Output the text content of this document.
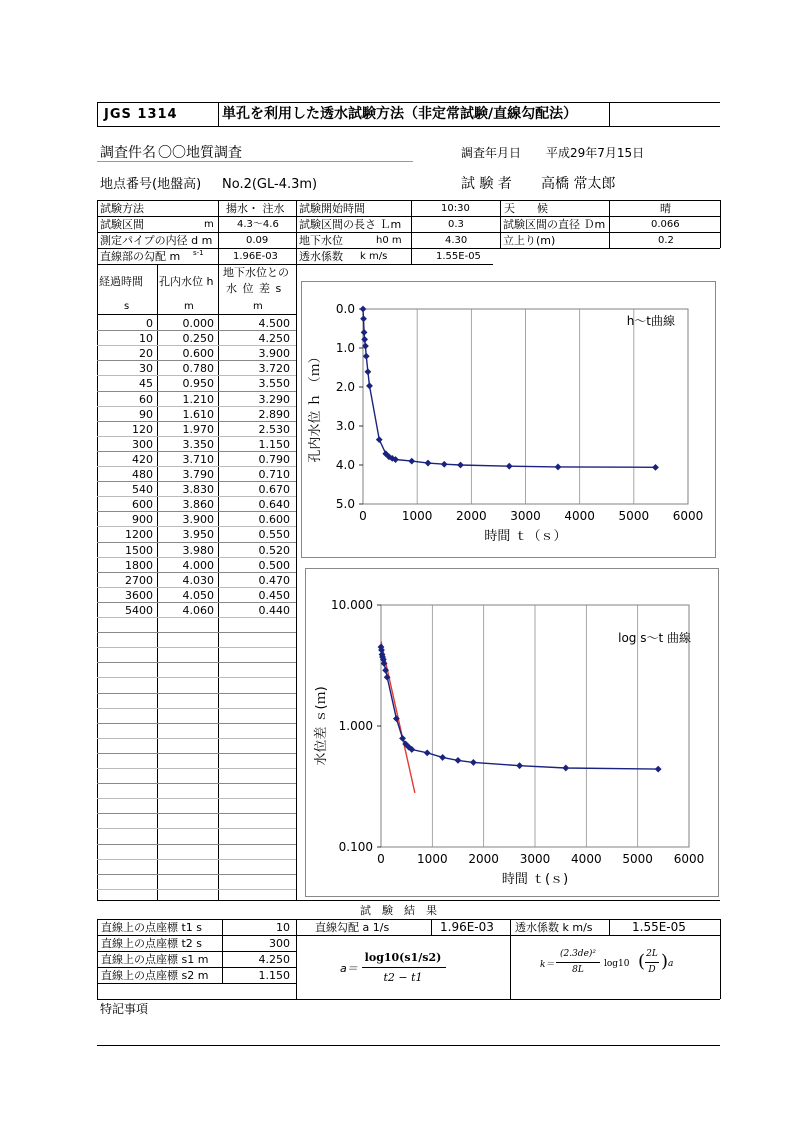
JGS 1314	単孔を利用した透水試験方法（非定常試験/直線勾配法）
調査件名 〇〇地質調査	調査年月日 平成29年7月15日
地点番号(地盤高) No.2(GL-4.3m)	試 験 者 高橋 常太郎
試験方法	揚水・ 注水 試験開始時間	10:30	天　　候	晴
試験区間	m 4.3～4.6 試験区間の長さ Ｌm	0.3	試験区間の直径 Ｄm	0.066
測定パイプの内径 d m	0.09	地下水位	h0 m	4.30	立上り(m)	0.2
直線部の勾配 m s-1	1.96E-03 透水係数 k m/s	1.55E-05
経過時間 孔内水位 h
地下水位との
水 位 差 s
s	m	m
0	0.000	4.500
10	0.250	4.250
20	0.600	3.900
30	0.780	3.720
45	0.950	3.550
60	1.210	3.290
90	1.610	2.890
120	1.970	2.530
300	3.350	1.150
420	3.710	0.790
480	3.790	0.710
540	3.830	0.670
600	3.860	0.640
900	3.900	0.600
1200	3.950	0.550
1500	3.980	0.520
1800	4.000	0.500
2700	4.030	0.470
3600	4.050	0.450
5400	4.060	0.440
0	1000 2000 3000 4000 5000 6000
0.0
1.0
2.0
3.0
4.0
5.0
時間 ｔ（ｓ）
孔内水位 ｈ （ｍ）
h～t曲線
0	1000 2000 3000 4000 5000 6000
10.000
1.000
0.100
時間 ｔ(ｓ)
水位差 ｓ(ｍ)
log s～t 曲線
試　験　結　果
直線上の点座標 t1 s	10
直線上の点座標 t2 s	300
直線上の点座標 s1 m	4.250
直線上の点座標 s2 m	1.150
直線勾配 a 1/s	1.96E-03 透水係数 k m/s	1.55E-05
a＝
log10(s1/s2)
t2 − t1
k＝
(2.3de)²
8L
log10 ( 2L
D ) a
特記事項
